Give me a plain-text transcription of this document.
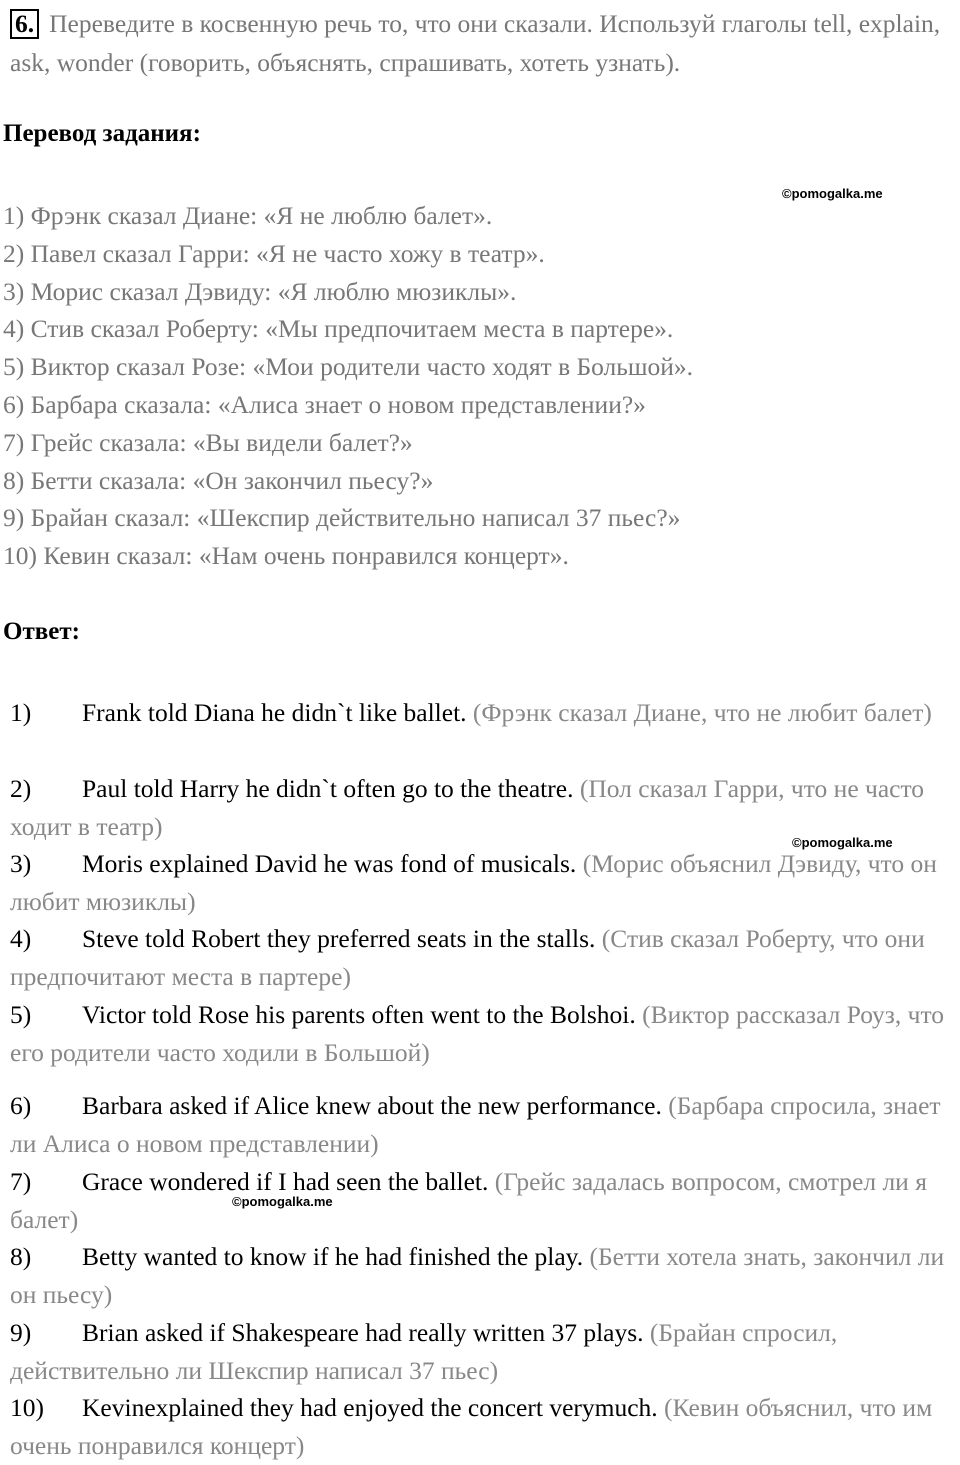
6. Переведите в косвенную речь то, что они сказали. Используй глаголы tell, explain, ask, wonder (говорить, объяснять, спрашивать, хотеть узнать).
Перевод задания:
©pomogalka.me
1) Фрэнк сказал Диане: «Я не люблю балет».
2) Павел сказал Гарри: «Я не часто хожу в театр».
3) Морис сказал Дэвиду: «Я люблю мюзиклы».
4) Стив сказал Роберту: «Мы предпочитаем места в партере».
5) Виктор сказал Розе: «Мои родители часто ходят в Большой».
6) Барбара сказала: «Алиса знает о новом представлении?»
7) Грейс сказала: «Вы видели балет?»
8) Бетти сказала: «Он закончил пьесу?»
9) Брайан сказал: «Шекспир действительно написал 37 пьес?»
10) Кевин сказал: «Нам очень понравился концерт».
Ответ:
1) Frank told Diana he didn`t like ballet. (Фрэнк сказал Диане, что не любит балет)
2) Paul told Harry he didn`t often go to the theatre. (Пол сказал Гарри, что не часто ходит в театр)
©pomogalka.me
3) Moris explained David he was fond of musicals. (Морис объяснил Дэвиду, что он любит мюзиклы)
4) Steve told Robert they preferred seats in the stalls. (Стив сказал Роберту, что они предпочитают места в партере)
5) Victor told Rose his parents often went to the Bolshoi. (Виктор рассказал Роуз, что его родители часто ходили в Большой)
6) Barbara asked if Alice knew about the new performance. (Барбара спросила, знает ли Алиса о новом представлении)
7) Grace wondered if I had seen the ballet. (Грейс задалась вопросом, смотрел ли я балет)
©pomogalka.me
8) Betty wanted to know if he had finished the play. (Бетти хотела знать, закончил ли он пьесу)
9) Brian asked if Shakespeare had really written 37 plays. (Брайан спросил, действительно ли Шекспир написал 37 пьес)
10) Kevinexplained they had enjoyed the concert verymuch. (Кевин объяснил, что им очень понравился концерт)
